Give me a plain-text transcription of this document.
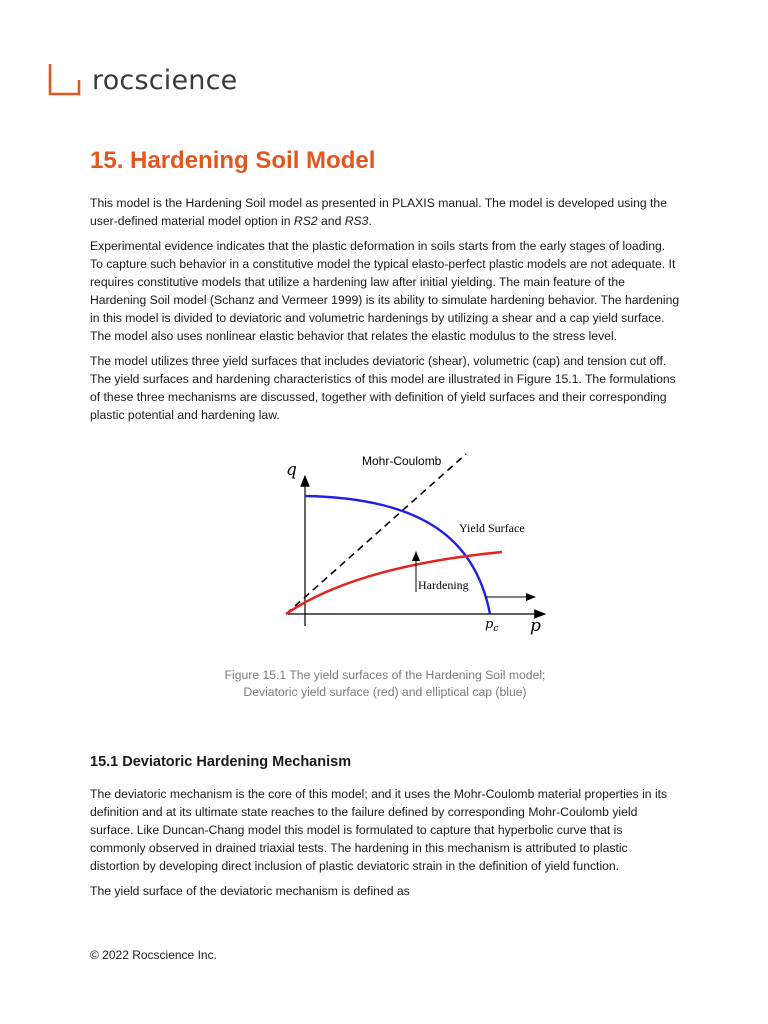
rocscience
15. Hardening Soil Model

This model is the Hardening Soil model as presented in PLAXIS manual. The model is developed using the user-defined material model option in RS2 and RS3.

Experimental evidence indicates that the plastic deformation in soils starts from the early stages of loading. To capture such behavior in a constitutive model the typical elasto-perfect plastic models are not adequate. It requires constitutive models that utilize a hardening law after initial yielding. The main feature of the Hardening Soil model (Schanz and Vermeer 1999) is its ability to simulate hardening behavior. The hardening in this model is divided to deviatoric and volumetric hardenings by utilizing a shear and a cap yield surface. The model also uses nonlinear elastic behavior that relates the elastic modulus to the stress level.

The model utilizes three yield surfaces that includes deviatoric (shear), volumetric (cap) and tension cut off. The yield surfaces and hardening characteristics of this model are illustrated in Figure 15.1. The formulations of these three mechanisms are discussed, together with definition of yield surfaces and their corresponding plastic potential and hardening law.

q
p
Mohr-Coulomb
Yield Surface
Hardening
$p_c$
Figure 15.1 The yield surfaces of the Hardening Soil model;
Deviatoric yield surface (red) and elliptical cap (blue)
15.1 Deviatoric Hardening Mechanism

The deviatoric mechanism is the core of this model; and it uses the Mohr-Coulomb material properties in its definition and at its ultimate state reaches to the failure defined by corresponding Mohr-Coulomb yield surface. Like Duncan-Chang model this model is formulated to capture that hyperbolic curve that is commonly observed in drained triaxial tests. The hardening in this mechanism is attributed to plastic distortion by developing direct inclusion of plastic deviatoric strain in the definition of yield function.

The yield surface of the deviatoric mechanism is defined as

© 2022 Rocscience Inc.
